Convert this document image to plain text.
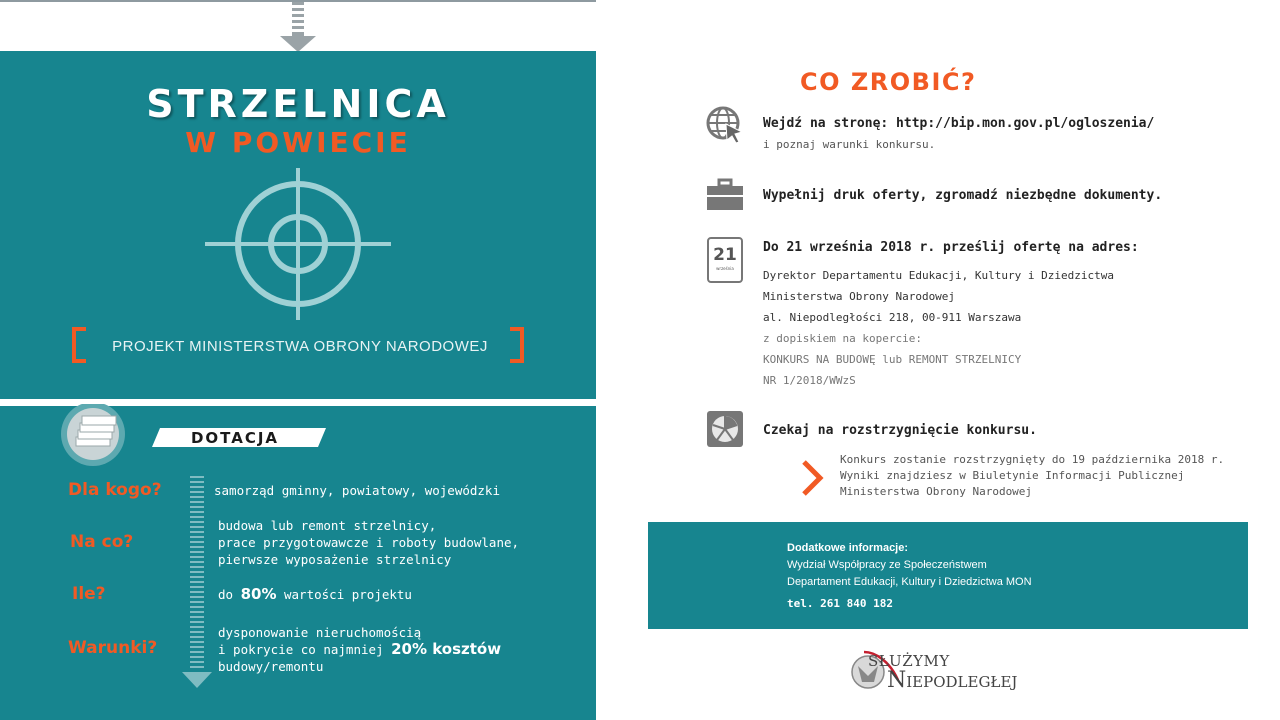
STRZELNICA
W POWIECIE
PROJEKT MINISTERSTWA OBRONY NARODOWEJ
DOTACJA
Dla kogo?	samorząd gminny, powiatowy, wojewódzki
Na co?
budowa lub remont strzelnicy,
prace przygotowawcze i roboty budowlane,
pierwsze wyposażenie strzelnicy
Ile?	do 80% wartości projektu
Warunki?
dysponowanie nieruchomością
i pokrycie co najmniej 20% kosztów
budowy/remontu
CO ZROBIĆ?
Wejdź na stronę: http://bip.mon.gov.pl/ogloszenia/
i poznaj warunki konkursu.
Wypełnij druk oferty, zgromadź niezbędne dokumenty.
21
września
Do 21 września 2018 r. prześlij ofertę na adres:
Dyrektor Departamentu Edukacji, Kultury i Dziedzictwa
Ministerstwa Obrony Narodowej
al. Niepodległości 218, 00-911 Warszawa
z dopiskiem na kopercie:
KONKURS NA BUDOWĘ lub REMONT STRZELNICY
NR 1/2018/WWzS
Czekaj na rozstrzygnięcie konkursu.
Konkurs zostanie rozstrzygnięty do 19 października 2018 r.
Wyniki znajdziesz w Biuletynie Informacji Publicznej
Ministerstwa Obrony Narodowej
Dodatkowe informacje:
Wydział Współpracy ze Społeczeństwem
Departament Edukacji, Kultury i Dziedzictwa MON
tel. 261 840 182
SŁUŻYMY
NIEPODLEGŁEJ
